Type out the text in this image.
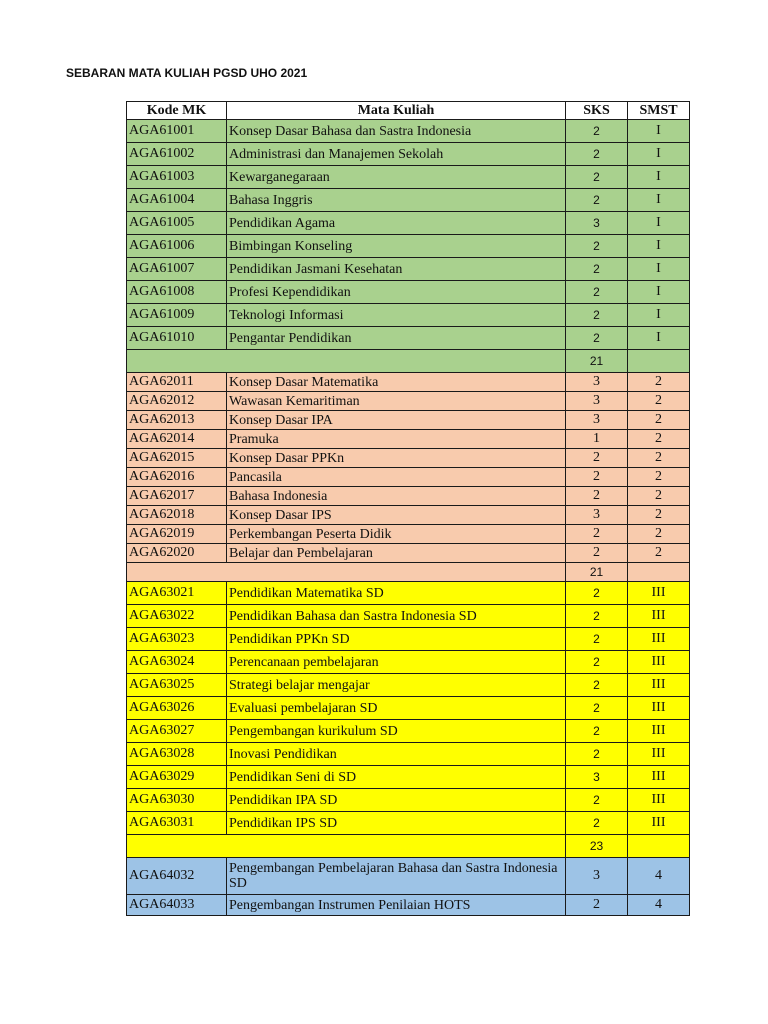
SEBARAN MATA KULIAH PGSD UHO 2021
Kode MK	Mata Kuliah	SKS	SMST
AGA61001	Konsep Dasar Bahasa dan Sastra Indonesia	2	I
AGA61002	Administrasi dan Manajemen Sekolah	2	I
AGA61003	Kewarganegaraan	2	I
AGA61004	Bahasa Inggris	2	I
AGA61005	Pendidikan Agama	3	I
AGA61006	Bimbingan Konseling	2	I
AGA61007	Pendidikan Jasmani Kesehatan	2	I
AGA61008	Profesi Kependidikan	2	I
AGA61009	Teknologi Informasi	2	I
AGA61010	Pengantar Pendidikan	2	I
		21	
AGA62011	Konsep Dasar Matematika	3	2
AGA62012	Wawasan Kemaritiman	3	2
AGA62013	Konsep Dasar IPA	3	2
AGA62014	Pramuka	1	2
AGA62015	Konsep Dasar PPKn	2	2
AGA62016	Pancasila	2	2
AGA62017	Bahasa Indonesia	2	2
AGA62018	Konsep Dasar IPS	3	2
AGA62019	Perkembangan Peserta Didik	2	2
AGA62020	Belajar dan Pembelajaran	2	2
		21	
AGA63021	Pendidikan Matematika SD	2	III
AGA63022	Pendidikan Bahasa dan Sastra Indonesia SD	2	III
AGA63023	Pendidikan PPKn SD	2	III
AGA63024	Perencanaan pembelajaran	2	III
AGA63025	Strategi belajar mengajar	2	III
AGA63026	Evaluasi pembelajaran SD	2	III
AGA63027	Pengembangan kurikulum SD	2	III
AGA63028	Inovasi Pendidikan	2	III
AGA63029	Pendidikan Seni di SD	3	III
AGA63030	Pendidikan IPA SD	2	III
AGA63031	Pendidikan IPS SD	2	III
		23	
AGA64032	Pengembangan Pembelajaran Bahasa dan Sastra Indonesia SD	3	4
AGA64033	Pengembangan Instrumen Penilaian HOTS	2	4
